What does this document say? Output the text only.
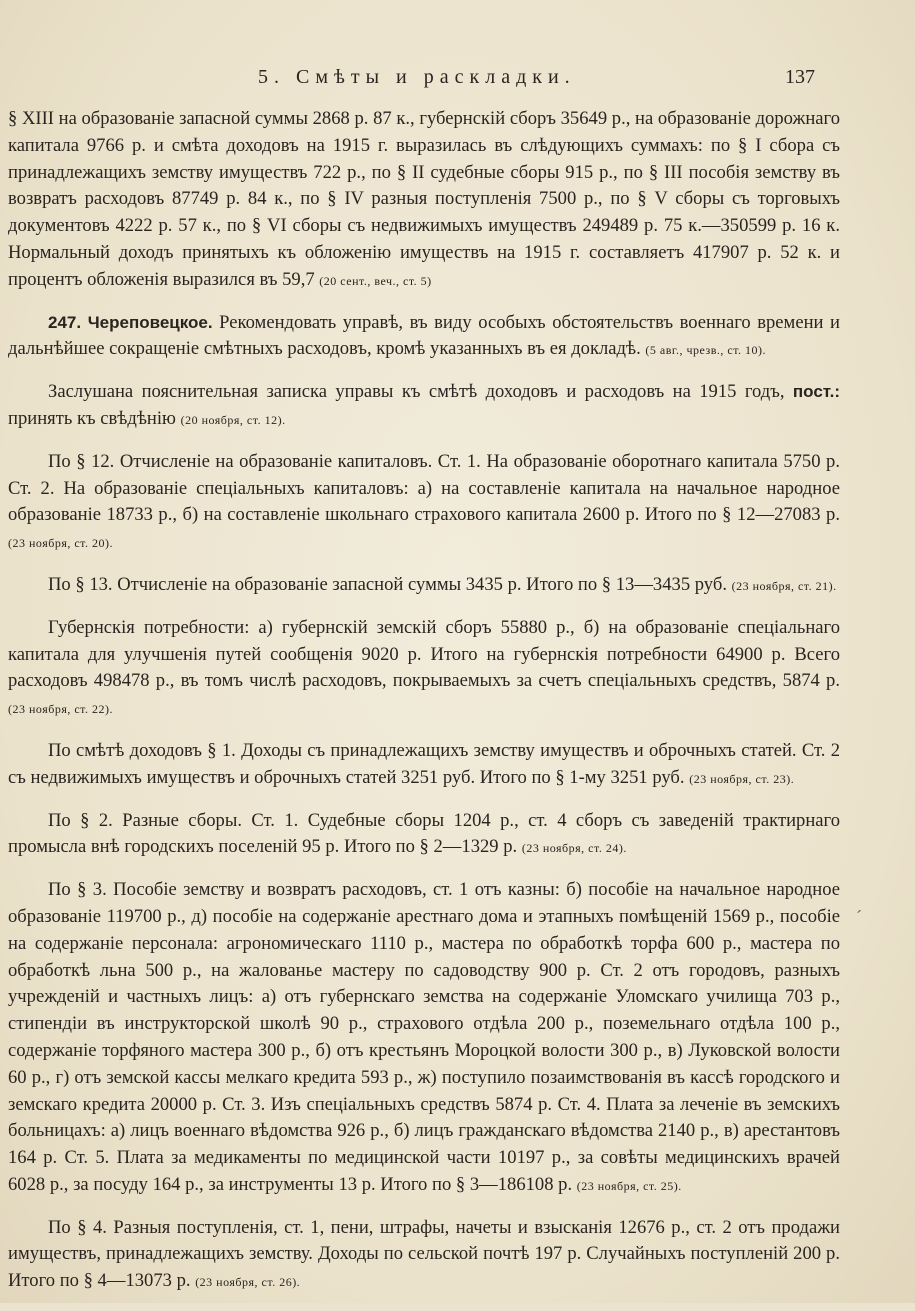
5. Смѣты и раскладки.	137

§ XIII на образованіе запасной суммы 2868 р. 87 к., губернскій сборъ 35649 р., на образованіе дорожнаго капитала 9766 р. и смѣта доходовъ на 1915 г. выразилась въ слѣдующихъ суммахъ: по § I сбора съ принадлежащихъ земству имуществъ 722 р., по § II судебные сборы 915 р., по § III пособія земству въ возвратъ расходовъ 87749 р. 84 к., по § IV разныя поступленія 7500 р., по § V сборы съ торговыхъ документовъ 4222 р. 57 к., по § VI сборы съ недвижимыхъ имуществъ 249489 р. 75 к.—350599 р. 16 к. Нормальный доходъ принятыхъ къ обложенію имуществъ на 1915 г. составляетъ 417907 р. 52 к. и процентъ обложенія выразился въ 59,7 (20 сент., веч., ст. 5)

247. Череповецкое. Рекомендовать управѣ, въ виду особыхъ обстоятельствъ военнаго времени и дальнѣйшее сокращеніе смѣтныхъ расходовъ, кромѣ указанныхъ въ ея докладѣ. (5 авг., чрезв., ст. 10).

Заслушана пояснительная записка управы къ смѣтѣ доходовъ и расходовъ на 1915 годъ, пост.: принять къ свѣдѣнію (20 ноября, ст. 12).

По § 12. Отчисленіе на образованіе капиталовъ. Ст. 1. На образованіе оборотнаго капитала 5750 р. Ст. 2. На образованіе спеціальныхъ капиталовъ: а) на составленіе капитала на начальное народное образованіе 18733 р., б) на составленіе школьнаго страхового капитала 2600 р. Итого по § 12—27083 р. (23 ноября, ст. 20).

По § 13. Отчисленіе на образованіе запасной суммы 3435 р. Итого по § 13—3435 руб. (23 ноября, ст. 21).

Губернскія потребности: а) губернскій земскій сборъ 55880 р., б) на образованіе спеціальнаго капитала для улучшенія путей сообщенія 9020 р. Итого на губернскія потребности 64900 р. Всего расходовъ 498478 р., въ томъ числѣ расходовъ, покрываемыхъ за счетъ спеціальныхъ средствъ, 5874 р. (23 ноября, ст. 22).

По смѣтѣ доходовъ § 1. Доходы съ принадлежащихъ земству имуществъ и оброчныхъ статей. Ст. 2 съ недвижимыхъ имуществъ и оброчныхъ статей 3251 руб. Итого по § 1-му 3251 руб. (23 ноября, ст. 23).

По § 2. Разные сборы. Ст. 1. Судебные сборы 1204 р., ст. 4 сборъ съ заведеній трактирнаго промысла внѣ городскихъ поселеній 95 р. Итого по § 2—1329 р. (23 ноября, ст. 24).

По § 3. Пособіе земству и возвратъ расходовъ, ст. 1 отъ казны: б) пособіе на начальное народное образованіе 119700 р., д) пособіе на содержаніе арестнаго дома и этапныхъ помѣщеній 1569 р., пособіе на содержаніе персонала: агрономическаго 1110 р., мастера по обработкѣ торфа 600 р., мастера по обработкѣ льна 500 р., на жалованье мастеру по садоводству 900 р. Ст. 2 отъ городовъ, разныхъ учрежденій и частныхъ лицъ: а) отъ губернскаго земства на содержаніе Уломскаго училища 703 р., стипендіи въ инструкторской школѣ 90 р., страхового отдѣла 200 р., поземельнаго отдѣла 100 р., содержаніе торфяного мастера 300 р., б) отъ крестьянъ Мороцкой волости 300 р., в) Луковской волости 60 р., г) отъ земской кассы мелкаго кредита 593 р., ж) поступило позаимствованія въ кассѣ городского и земскаго кредита 20000 р. Ст. 3. Изъ спеціальныхъ средствъ 5874 р. Ст. 4. Плата за леченіе въ земскихъ больницахъ: а) лицъ военнаго вѣдомства 926 р., б) лицъ гражданскаго вѣдомства 2140 р., в) арестантовъ 164 р. Ст. 5. Плата за медикаменты по медицинской части 10197 р., за совѣты медицинскихъ врачей 6028 р., за посуду 164 р., за инструменты 13 р. Итого по § 3—186108 р. (23 ноября, ст. 25).

По § 4. Разныя поступленія, ст. 1, пени, штрафы, начеты и взысканія 12676 р., ст. 2 отъ продажи имуществъ, принадлежащихъ земству. Доходы по сельской почтѣ 197 р. Случайныхъ поступленій 200 р. Итого по § 4—13073 р. (23 ноября, ст. 26).

ˊ
